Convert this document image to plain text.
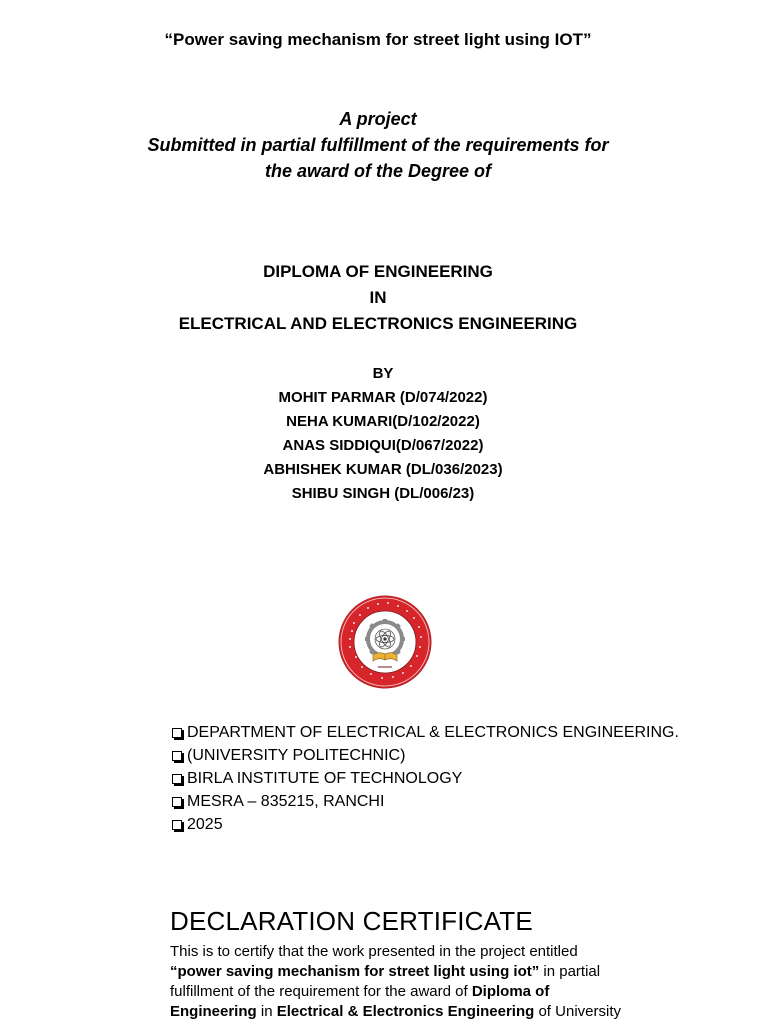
“Power saving mechanism for street light using IOT”
A project
Submitted in partial fulfillment of the requirements for
the award of the Degree of
DIPLOMA OF ENGINEERING
IN
ELECTRICAL AND ELECTRONICS ENGINEERING
BY
MOHIT PARMAR (D/074/2022)
NEHA KUMARI(D/102/2022)
ANAS SIDDIQUI(D/067/2022)
ABHISHEK KUMAR (DL/036/2023)
SHIBU SINGH (DL/006/23)
DEPARTMENT OF ELECTRICAL & ELECTRONICS ENGINEERING.
(UNIVERSITY POLITECHNIC)
BIRLA INSTITUTE OF TECHNOLOGY
MESRA – 835215, RANCHI
2025
DECLARATION CERTIFICATE
This is to certify that the work presented in the project entitled
“power saving mechanism for street light using iot” in partial fulfillment of the requirement for the award of Diploma of Engineering in Electrical & Electronics Engineering of University
